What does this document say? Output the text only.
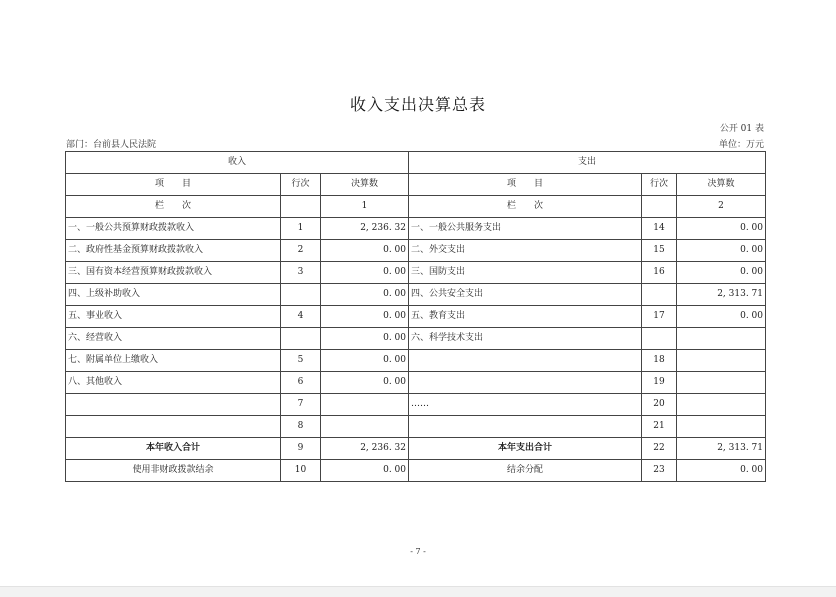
收入支出决算总表
公开 01 表
部门：台前县人民法院	单位：万元
收入			支出		
项　　目	行次	决算数	项　　目	行次	决算数
栏　　次		1	栏　　次		2
一、一般公共预算财政拨款收入	1	2, 236. 32	一、一般公共服务支出	14	0. 00
二、政府性基金预算财政拨款收入	2	0. 00	二、外交支出	15	0. 00
三、国有资本经营预算财政拨款收入	3	0. 00	三、国防支出	16	0. 00
四、上级补助收入		0. 00	四、公共安全支出		2, 313. 71
五、事业收入	4	0. 00	五、教育支出	17	0. 00
六、经营收入		0. 00	六、科学技术支出		
七、附属单位上缴收入	5	0. 00		18	
八、其他收入	6	0. 00		19	
	7		……	20	
	8			21	
本年收入合计	9	2, 236. 32	本年支出合计	22	2, 313. 71
使用非财政拨款结余	10	0. 00	结余分配	23	0. 00
- 7 -
